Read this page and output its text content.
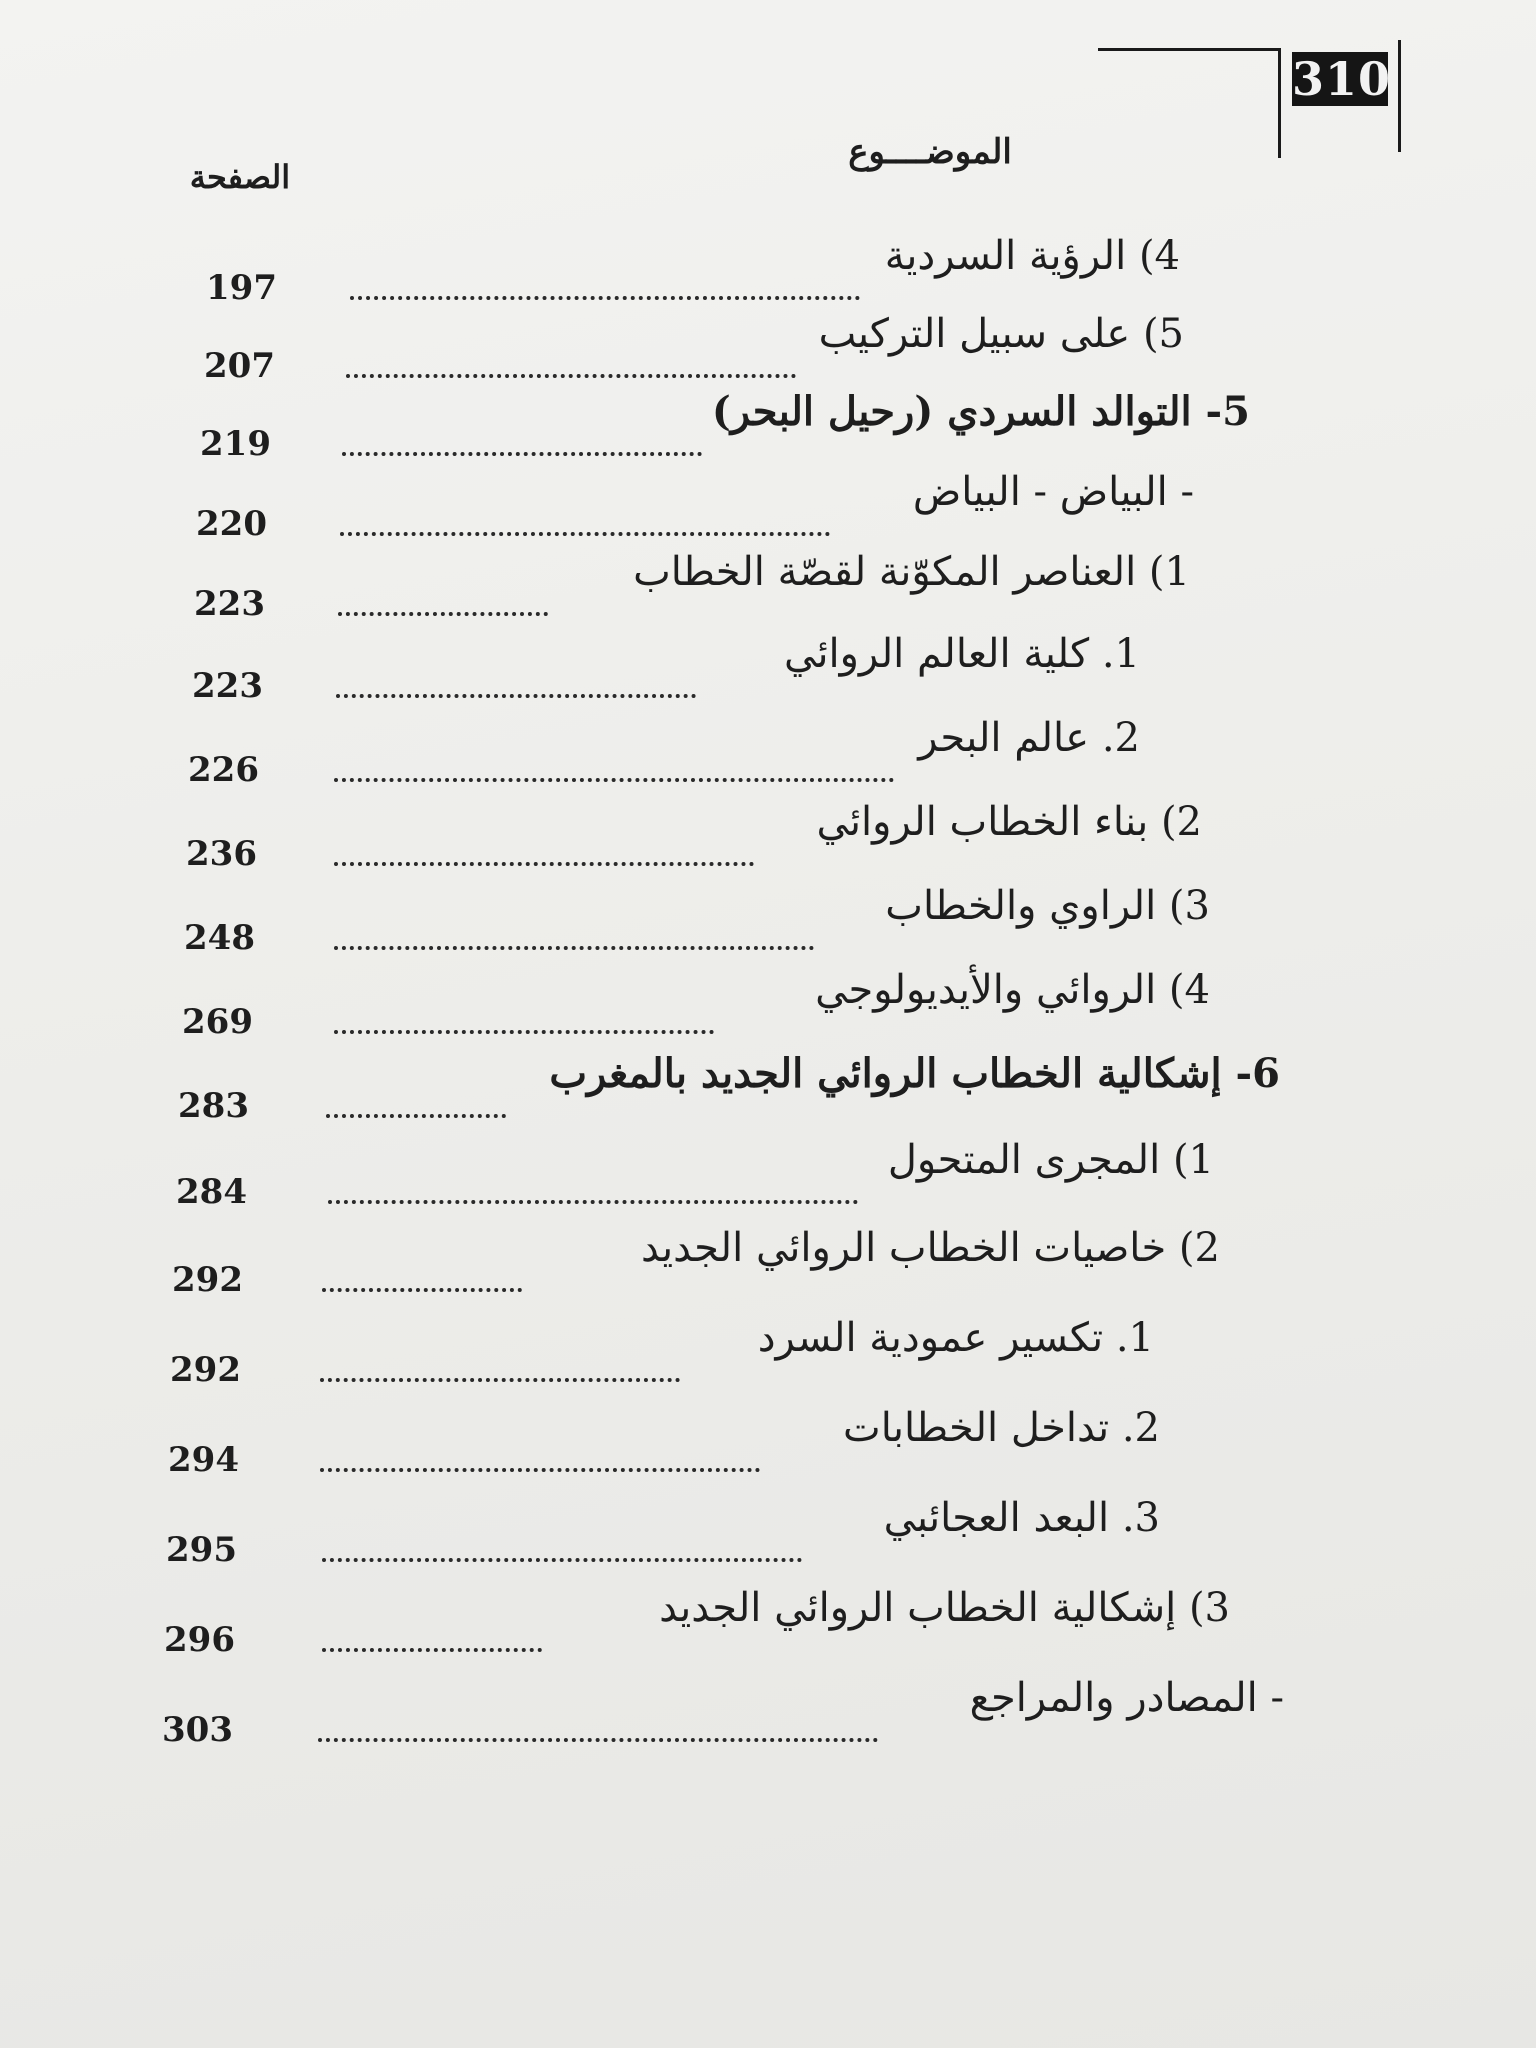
310
الموضــــوع
الصفحة
197
4) الرؤية السردية
207
5) على سبيل التركيب
219
5- التوالد السردي (رحيل البحر)
220
- البياض - البياض
223
1) العناصر المكوّنة لقصّة الخطاب
223
1. كلية العالم الروائي
226
2. عالم البحر
236
2) بناء الخطاب الروائي
248
3) الراوي والخطاب
269
4) الروائي والأيديولوجي
283
6- إشكالية الخطاب الروائي الجديد بالمغرب
284
1) المجرى المتحول
292
2) خاصيات الخطاب الروائي الجديد
292
1. تكسير عمودية السرد
294
2. تداخل الخطابات
295
3. البعد العجائبي
296
3) إشكالية الخطاب الروائي الجديد
303
- المصادر والمراجع
